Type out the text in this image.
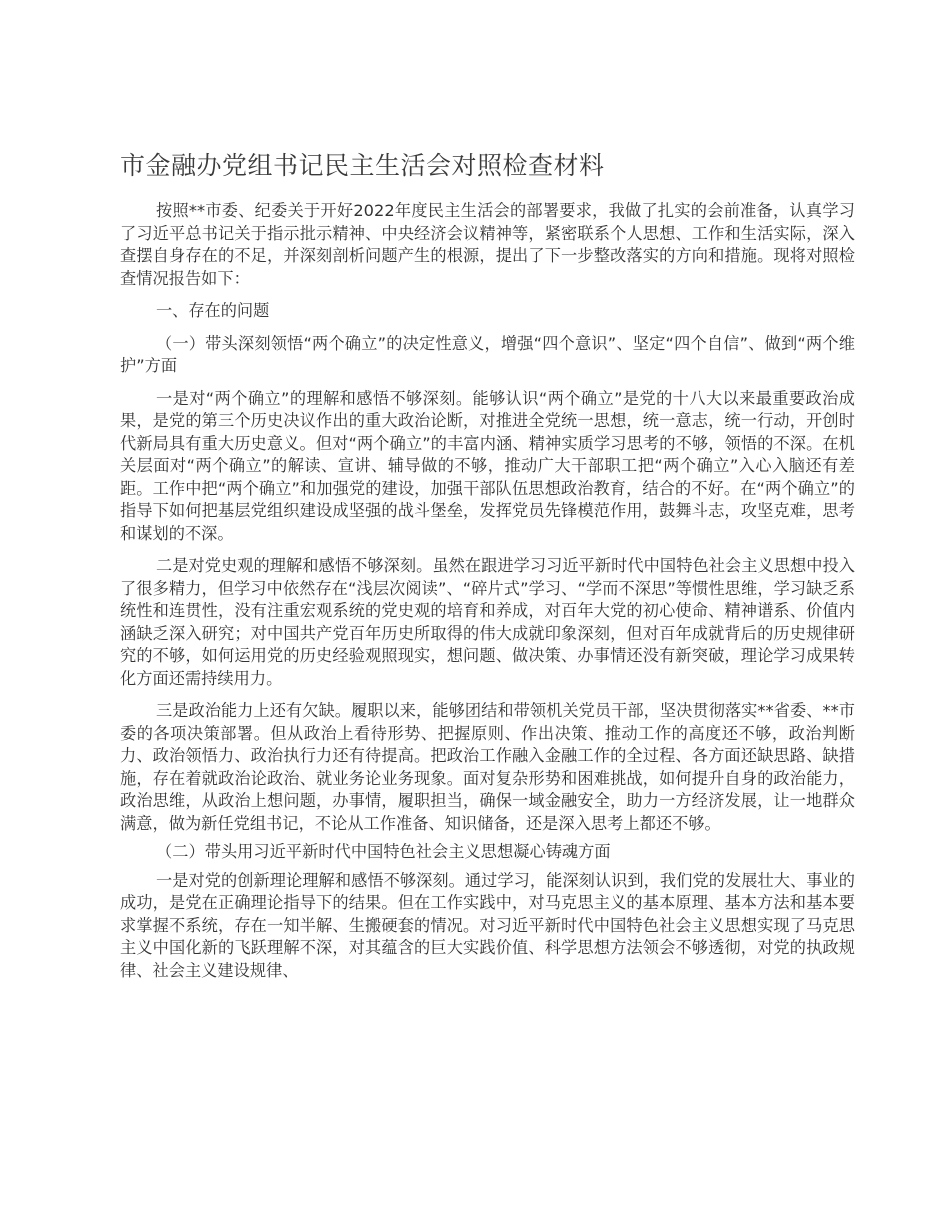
市金融办党组书记民主生活会对照检查材料

按照**市委、纪委关于开好2022年度民主生活会的部署要求，我做了扎实的会前准备，认真学习了习近平总书记关于指示批示精神、中央经济会议精神等，紧密联系个人思想、工作和生活实际，深入查摆自身存在的不足，并深刻剖析问题产生的根源，提出了下一步整改落实的方向和措施。现将对照检查情况报告如下：

一、存在的问题

（一）带头深刻领悟“两个确立”的决定性意义，增强“四个意识”、坚定“四个自信”、做到“两个维护”方面

一是对“两个确立”的理解和感悟不够深刻。能够认识“两个确立”是党的十八大以来最重要政治成果，是党的第三个历史决议作出的重大政治论断，对推进全党统一思想，统一意志，统一行动，开创时代新局具有重大历史意义。但对“两个确立”的丰富内涵、精神实质学习思考的不够，领悟的不深。在机关层面对“两个确立”的解读、宣讲、辅导做的不够，推动广大干部职工把“两个确立”入心入脑还有差距。工作中把“两个确立”和加强党的建设，加强干部队伍思想政治教育，结合的不好。在“两个确立”的指导下如何把基层党组织建设成坚强的战斗堡垒，发挥党员先锋模范作用，鼓舞斗志，攻坚克难，思考和谋划的不深。

二是对党史观的理解和感悟不够深刻。虽然在跟进学习习近平新时代中国特色社会主义思想中投入了很多精力，但学习中依然存在“浅层次阅读”、“碎片式”学习、“学而不深思”等惯性思维，学习缺乏系统性和连贯性，没有注重宏观系统的党史观的培育和养成，对百年大党的初心使命、精神谱系、价值内涵缺乏深入研究；对中国共产党百年历史所取得的伟大成就印象深刻，但对百年成就背后的历史规律研究的不够，如何运用党的历史经验观照现实，想问题、做决策、办事情还没有新突破，理论学习成果转化方面还需持续用力。

三是政治能力上还有欠缺。履职以来，能够团结和带领机关党员干部，坚决贯彻落实**省委、**市委的各项决策部署。但从政治上看待形势、把握原则、作出决策、推动工作的高度还不够，政治判断力、政治领悟力、政治执行力还有待提高。把政治工作融入金融工作的全过程、各方面还缺思路、缺措施，存在着就政治论政治、就业务论业务现象。面对复杂形势和困难挑战，如何提升自身的政治能力，政治思维，从政治上想问题，办事情，履职担当，确保一域金融安全，助力一方经济发展，让一地群众满意，做为新任党组书记，不论从工作准备、知识储备，还是深入思考上都还不够。

（二）带头用习近平新时代中国特色社会主义思想凝心铸魂方面

一是对党的创新理论理解和感悟不够深刻。通过学习，能深刻认识到，我们党的发展壮大、事业的成功，是党在正确理论指导下的结果。但在工作实践中，对马克思主义的基本原理、基本方法和基本要求掌握不系统，存在一知半解、生搬硬套的情况。对习近平新时代中国特色社会主义思想实现了马克思主义中国化新的飞跃理解不深，对其蕴含的巨大实践价值、科学思想方法领会不够透彻，对党的执政规律、社会主义建设规律、
